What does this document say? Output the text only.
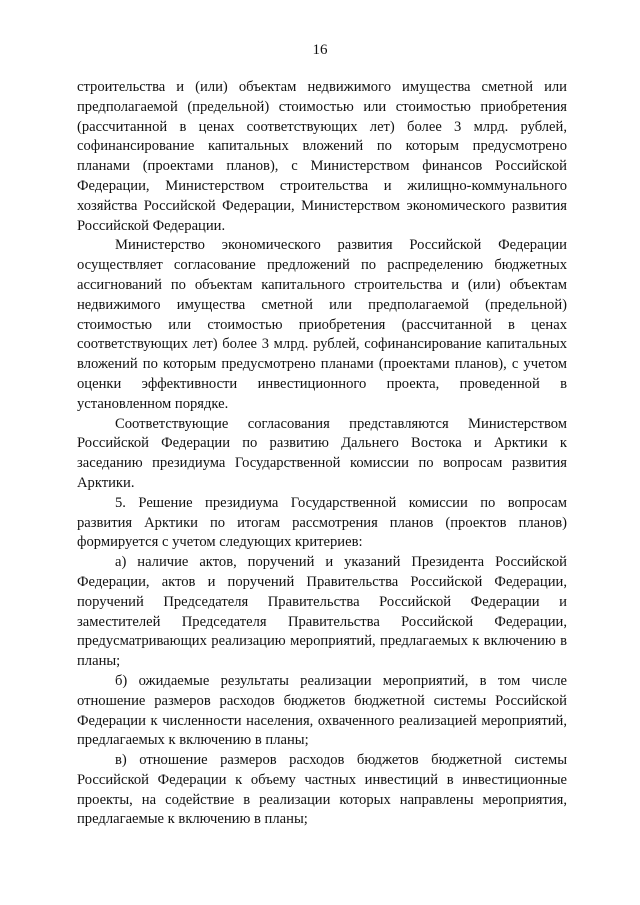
16

строительства и (или) объектам недвижимого имущества сметной или предполагаемой (предельной) стоимостью или стоимостью приобретения (рассчитанной в ценах соответствующих лет) более 3 млрд. рублей, софинансирование капитальных вложений по которым предусмотрено планами (проектами планов), с Министерством финансов Российской Федерации, Министерством строительства и жилищно-коммунального хозяйства Российской Федерации, Министерством экономического развития Российской Федерации.

Министерство экономического развития Российской Федерации осуществляет согласование предложений по распределению бюджетных ассигнований по объектам капитального строительства и (или) объектам недвижимого имущества сметной или предполагаемой (предельной) стоимостью или стоимостью приобретения (рассчитанной в ценах соответствующих лет) более 3 млрд. рублей, софинансирование капитальных вложений по которым предусмотрено планами (проектами планов), с учетом оценки эффективности инвестиционного проекта, проведенной в установленном порядке.

Соответствующие согласования представляются Министерством Российской Федерации по развитию Дальнего Востока и Арктики к заседанию президиума Государственной комиссии по вопросам развития Арктики.

5. Решение президиума Государственной комиссии по вопросам развития Арктики по итогам рассмотрения планов (проектов планов) формируется с учетом следующих критериев:

а) наличие актов, поручений и указаний Президента Российской Федерации, актов и поручений Правительства Российской Федерации, поручений Председателя Правительства Российской Федерации и заместителей Председателя Правительства Российской Федерации, предусматривающих реализацию мероприятий, предлагаемых к включению в планы;

б) ожидаемые результаты реализации мероприятий, в том числе отношение размеров расходов бюджетов бюджетной системы Российской Федерации к численности населения, охваченного реализацией мероприятий, предлагаемых к включению в планы;

в) отношение размеров расходов бюджетов бюджетной системы Российской Федерации к объему частных инвестиций в инвестиционные проекты, на содействие в реализации которых направлены мероприятия, предлагаемые к включению в планы;
